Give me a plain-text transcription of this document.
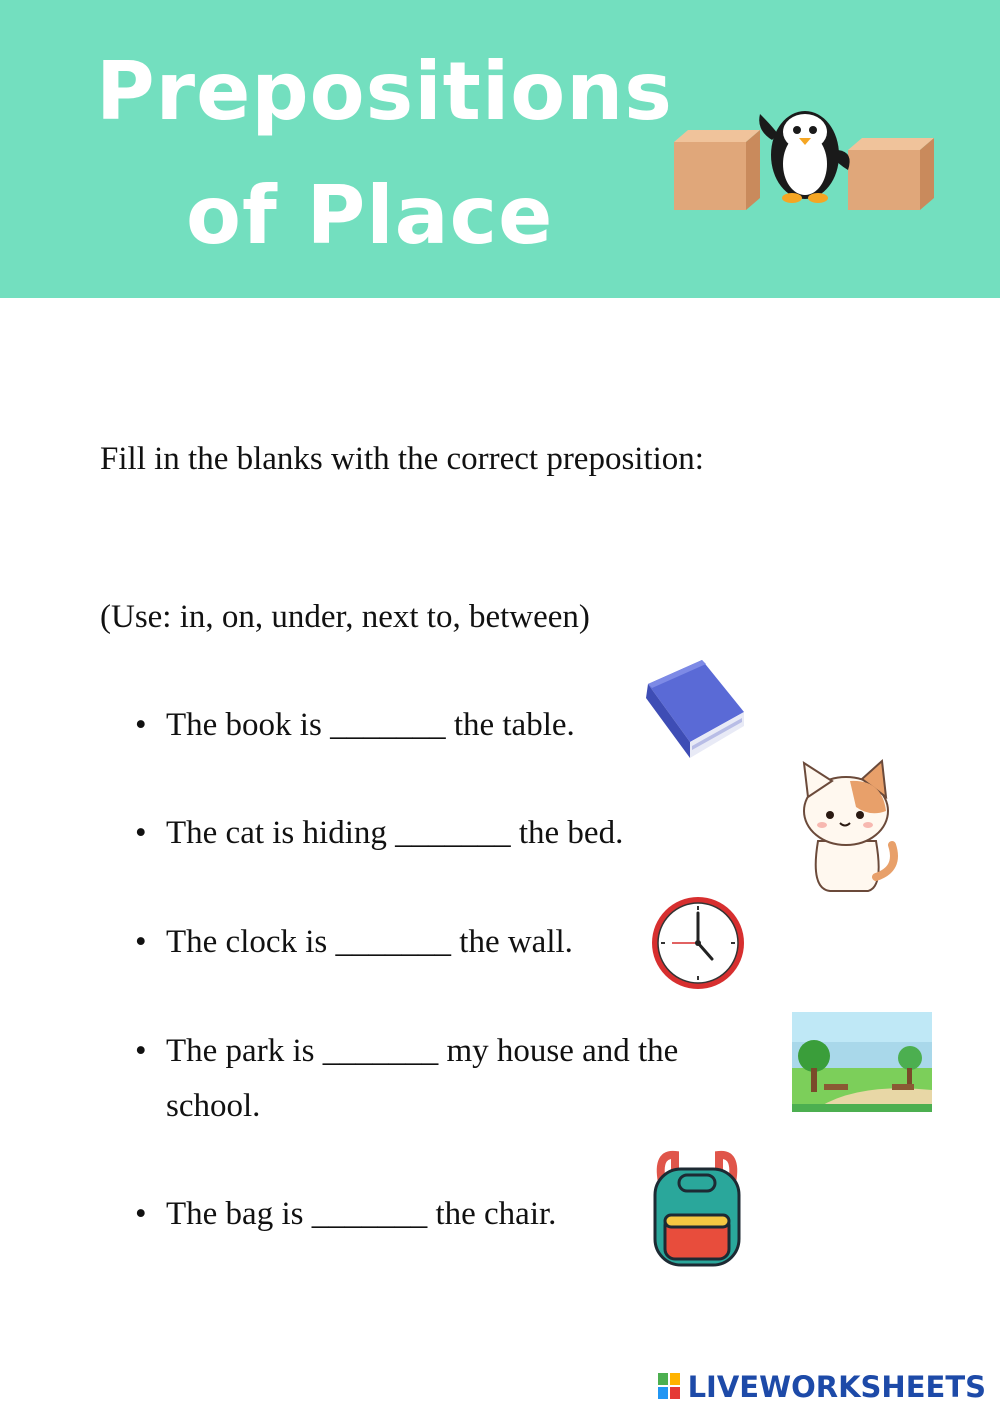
Prepositions
of Place
Fill in the blanks with the correct preposition:
(Use: in, on, under, next to, between)
• The book is _______ the table.
• The cat is hiding _______ the bed.
• The clock is _______ the wall.
• The park is _______ my house and the school.
• The bag is _______ the chair.
LIVEWORKSHEETS
